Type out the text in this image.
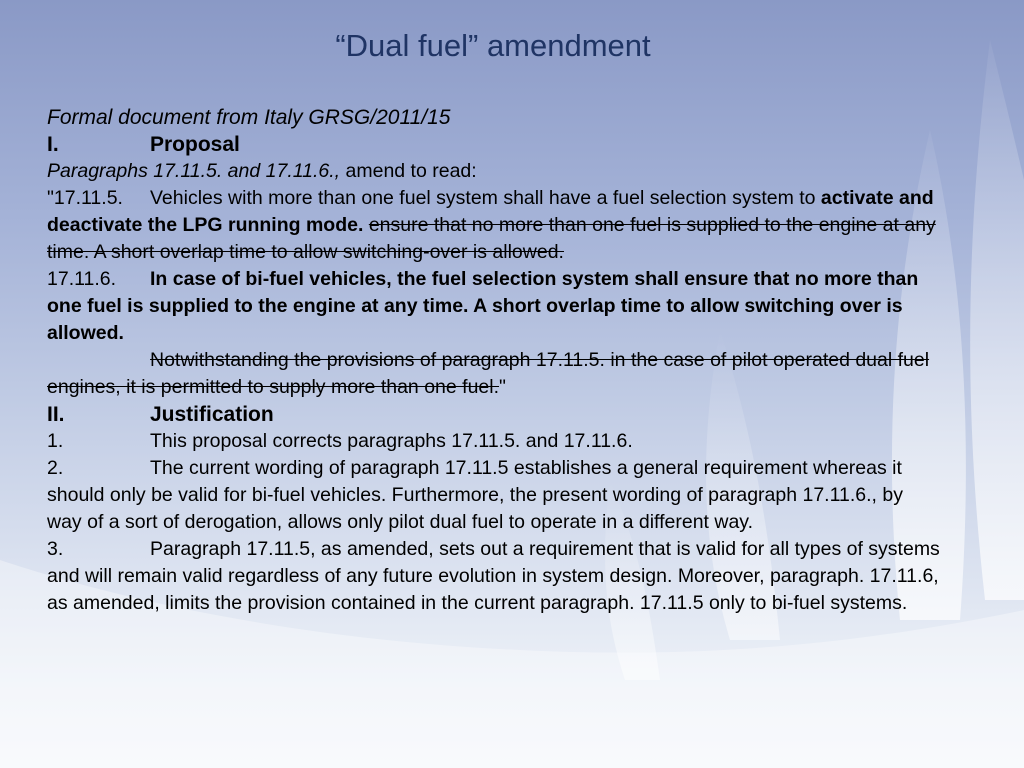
“Dual fuel” amendment

Formal document from Italy GRSG/2011/15

I.	Proposal

Paragraphs 17.11.5. and 17.11.6., amend to read:

"17.11.5. Vehicles with more than one fuel system shall have a fuel selection system to activate and deactivate the LPG running mode. ensure that no more than one fuel is supplied to the engine at any time. A short overlap time to allow switching-over is allowed.

17.11.6. In case of bi-fuel vehicles, the fuel selection system shall ensure that no more than one fuel is supplied to the engine at any time. A short overlap time to allow switching over is allowed.

Notwithstanding the provisions of paragraph 17.11.5. in the case of pilot operated dual fuel engines, it is permitted to supply more than one fuel."

II.	Justification

1.	This proposal corrects paragraphs 17.11.5. and 17.11.6.

2.	The current wording of paragraph 17.11.5 establishes a general requirement whereas it should only be valid for bi-fuel vehicles. Furthermore, the present wording of paragraph 17.11.6., by way of a sort of derogation, allows only pilot dual fuel to operate in a different way.

3.	Paragraph 17.11.5, as amended, sets out a requirement that is valid for all types of systems and will remain valid regardless of any future evolution in system design. Moreover, paragraph. 17.11.6, as amended, limits the provision contained in the current paragraph. 17.11.5 only to bi-fuel systems.
